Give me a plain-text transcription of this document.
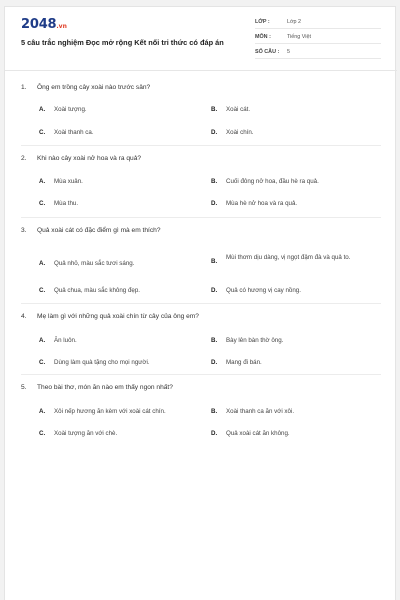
2048.vn
5 câu trắc nghiệm Đọc mở rộng Kết nối tri thức có đáp án
LỚP :	Lớp 2
MÔN :	Tiếng Việt
SỐ CÂU : 5
1. Ông em trồng cây xoài nào trước sân?
A. Xoài tượng.	B. Xoài cát.
C. Xoài thanh ca.	D. Xoài chín.
2. Khi nào cây xoài nở hoa và ra quả?
A. Mùa xuân.	B. Cuối đông nở hoa, đầu hè ra quả.
C. Mùa thu.	D. Mùa hè nở hoa và ra quả.
3. Quả xoài cát có đặc điểm gì mà em thích?
A. Quả nhỏ, màu sắc tươi sáng.	B.
Mùi thơm dịu dàng, vị ngọt đậm đà và quả to.
C. Quả chua, màu sắc không đẹp.	D. Quả có hương vị cay nồng.
4. Mẹ làm gì với những quả xoài chín từ cây của ông em?
A. Ăn luôn.	B. Bày lên bàn thờ ông.
C. Dùng làm quà tặng cho mọi người.	D. Mang đi bán.
5. Theo bài thơ, món ăn nào em thấy ngon nhất?
A. Xôi nếp hương ăn kèm với xoài cát chín.	B. Xoài thanh ca ăn với xôi.
C. Xoài tượng ăn với chè.	D. Quả xoài cát ăn không.
